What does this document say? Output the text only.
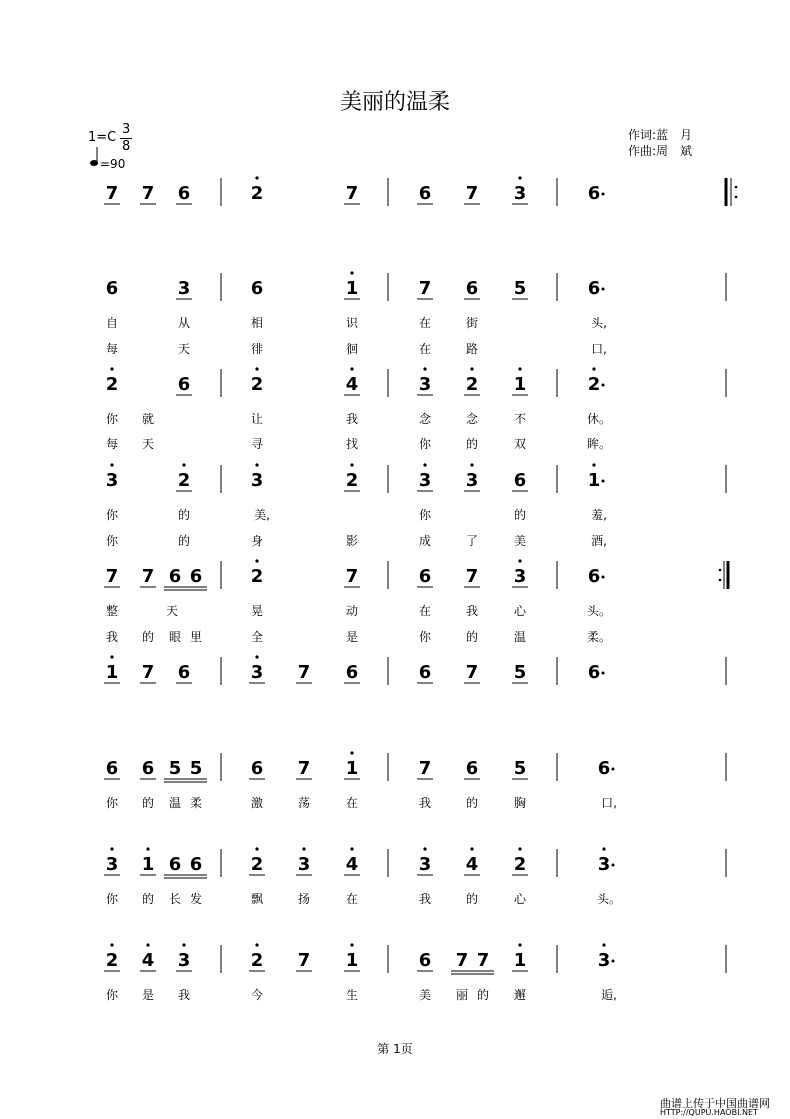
7 7 6	2	7	6 7 3	6
6	3	6	1	7 6 5	6
自	从	相	识	在	街	头,
每	天	徘	徊	在	路	口,
2	6	2	4	3 2 1	2
你 就	让	我	念	念	不	休。
每 天	寻	找	你	的	双	眸。
3	2	3	2	3 3 6	1
你	的	美,	你	的	羞,
你	的	身	影	成	了	美	酒,
7 7 6 6	2	7	6 7 3	6
整	天	晃	动	在	我	心	头。
我 的 眼 里	全	是	你	的	温	柔。
1 7 6	3 7 6	6 7 5	6
6 6 5 5	6 7 1	7 6 5	6
你 的 温 柔	激	荡	在	我	的	胸	口,
3 1 6 6	2 3 4	3 4 2	3
你 的 长 发	飘	扬	在	我	的	心	头。
2 4 3	2 7 1	6 7 7 1	3
你 是 我	今	生	美 丽 的 邂	逅,
美丽的温柔
1=C
3
8
=90
作词:蓝　月
作曲:周　斌
第 1页
曲谱上传于中国曲谱网
HTTP://QUPU.HAOBI.NET
